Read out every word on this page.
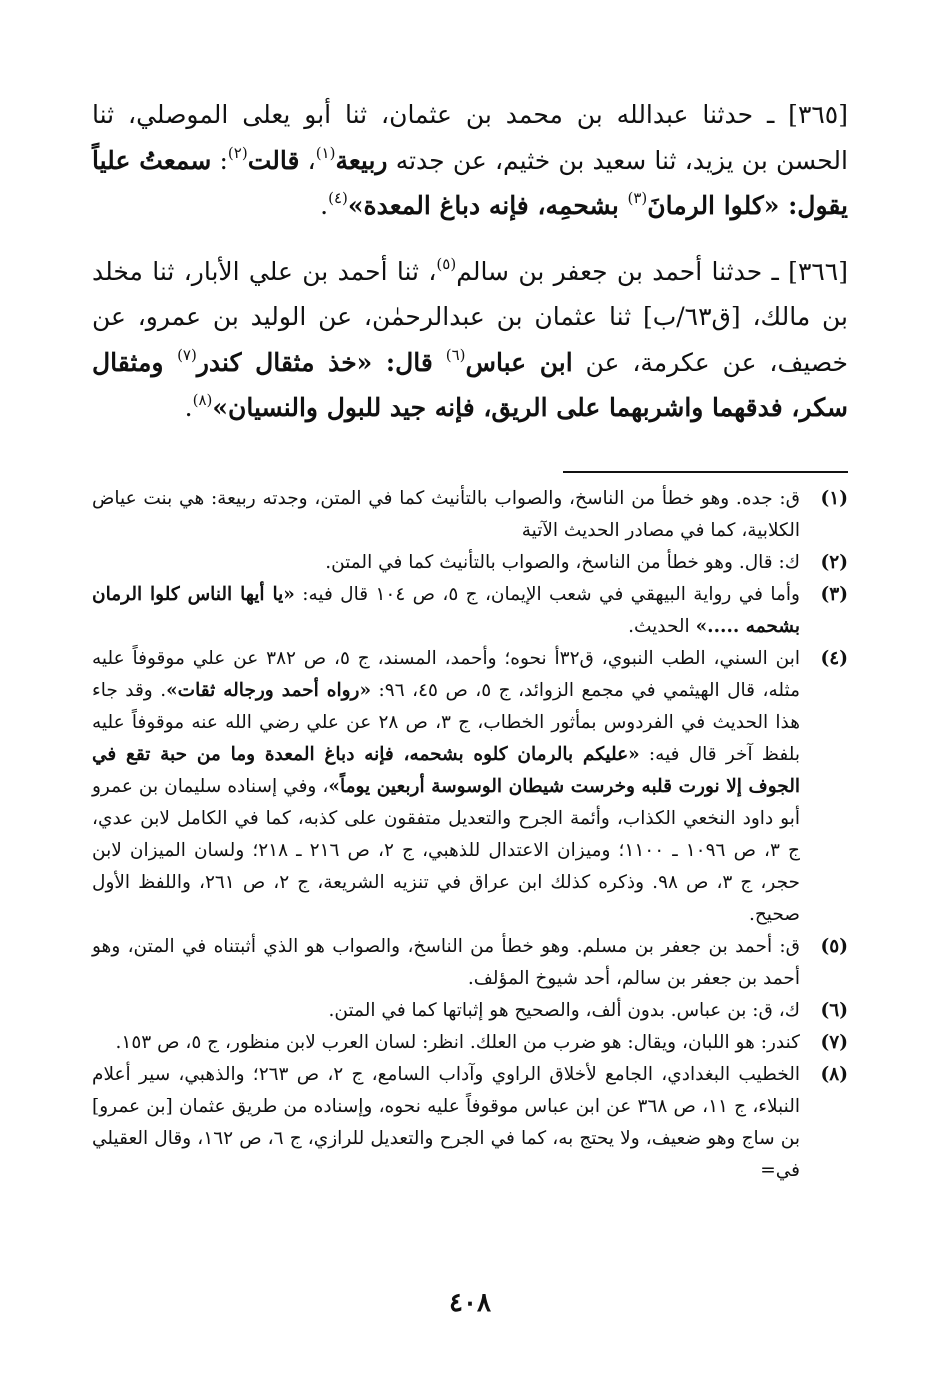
[٣٦٥] ـ حدثنا عبدالله بن محمد بن عثمان، ثنا أبو يعلى الموصلي، ثنا الحسن بن يزيد، ثنا سعيد بن خثيم، عن جدته ربيعة$^{(١)}$، قالت$^{(٢)}$: سمعتُ علياً يقول: «كلوا الرمانَ$^{(٣)}$ بشحمِه، فإنه دباغ المعدة»$^{(٤)}$.

[٣٦٦] ـ حدثنا أحمد بن جعفر بن سالم$^{(٥)}$، ثنا أحمد بن علي الأبار، ثنا مخلد بن مالك، [ق٦٣/ب] ثنا عثمان بن عبدالرحمٰن، عن الوليد بن عمرو، عن خصيف، عن عكرمة، عن ابن عباس$^{(٦)}$ قال: «خذ مثقال كندر$^{(٧)}$ ومثقال سكر، فدقهما واشربهما على الريق، فإنه جيد للبول والنسيان»$^{(٨)}$.

(١)
ق: جده. وهو خطأ من الناسخ، والصواب بالتأنيث كما في المتن، وجدته ربيعة: هي بنت عياض الكلابية، كما في مصادر الحديث الآتية
(٢)
ك: قال. وهو خطأ من الناسخ، والصواب بالتأنيث كما في المتن.
(٣)
وأما في رواية البيهقي في شعب الإيمان، ج ٥، ص ١٠٤ قال فيه: «يا أيها الناس كلوا الرمان بشحمه .....» الحديث.
(٤)
ابن السني، الطب النبوي، ق٣٢أ نحوه؛ وأحمد، المسند، ج ٥، ص ٣٨٢ عن علي موقوفاً عليه مثله، قال الهيثمي في مجمع الزوائد، ج ٥، ص ٤٥، ٩٦: «رواه أحمد ورجاله ثقات». وقد جاء هذا الحديث في الفردوس بمأثور الخطاب، ج ٣، ص ٢٨ عن علي رضي الله عنه موقوفاً عليه بلفظ آخر قال فيه: «عليكم بالرمان كلوه بشحمه، فإنه دباغ المعدة وما من حبة تقع في الجوف إلا نورت قلبه وخرست شيطان الوسوسة أربعين يوماً»، وفي إسناده سليمان بن عمرو أبو داود النخعي الكذاب، وأئمة الجرح والتعديل متفقون على كذبه، كما في الكامل لابن عدي، ج ٣، ص ١٠٩٦ ـ ١١٠٠؛ وميزان الاعتدال للذهبي، ج ٢، ص ٢١٦ ـ ٢١٨؛ ولسان الميزان لابن حجر، ج ٣، ص ٩٨. وذكره كذلك ابن عراق في تنزيه الشريعة، ج ٢، ص ٢٦١، واللفظ الأول صحيح.
(٥)
ق: أحمد بن جعفر بن مسلم. وهو خطأ من الناسخ، والصواب هو الذي أثبتناه في المتن، وهو أحمد بن جعفر بن سالم، أحد شيوخ المؤلف.
(٦)
ك، ق: بن عباس. بدون ألف، والصحيح هو إثباتها كما في المتن.
(٧)
كندر: هو اللبان، ويقال: هو ضرب من العلك. انظر: لسان العرب لابن منظور، ج ٥، ص ١٥٣.
(٨)
الخطيب البغدادي، الجامع لأخلاق الراوي وآداب السامع، ج ٢، ص ٢٦٣؛ والذهبي، سير أعلام النبلاء، ج ١١، ص ٣٦٨ عن ابن عباس موقوفاً عليه نحوه، وإسناده من طريق عثمان [بن عمرو] بن ساج وهو ضعيف، ولا يحتج به، كما في الجرح والتعديل للرازي، ج ٦، ص ١٦٢، وقال العقيلي في=
٤٠٨
